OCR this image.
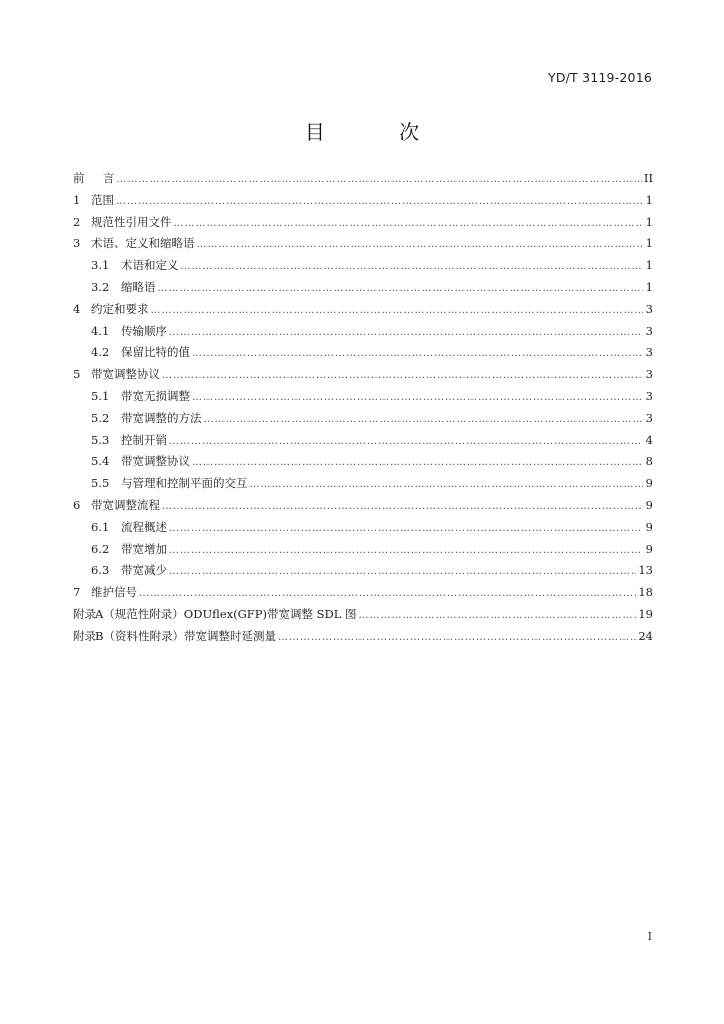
YD/T 3119-2016
目 次
前	言 …………………………………………………………………………………………………………………………………………………………………………………………………………………………………………	II
1 范围 …………………………………………………………………………………………………………………………………………………………………………………………………………………………………………	1
2 规范性引用文件 …………………………………………………………………………………………………………………………………………………………………………………………………………………………………………	1
3 术语、定义和缩略语 …………………………………………………………………………………………………………………………………………………………………………………………………………………………………………	1
3.1	术语和定义 …………………………………………………………………………………………………………………………………………………………………………………………………………………………………………	1
3.2	缩略语 …………………………………………………………………………………………………………………………………………………………………………………………………………………………………………	1
4 约定和要求 …………………………………………………………………………………………………………………………………………………………………………………………………………………………………………	3
4.1	传输顺序 …………………………………………………………………………………………………………………………………………………………………………………………………………………………………………	3
4.2	保留比特的值 …………………………………………………………………………………………………………………………………………………………………………………………………………………………………………	3
5 带宽调整协议 …………………………………………………………………………………………………………………………………………………………………………………………………………………………………………	3
5.1	带宽无损调整 …………………………………………………………………………………………………………………………………………………………………………………………………………………………………………	3
5.2	带宽调整的方法 …………………………………………………………………………………………………………………………………………………………………………………………………………………………………………	3
5.3	控制开销 …………………………………………………………………………………………………………………………………………………………………………………………………………………………………………	4
5.4	带宽调整协议 …………………………………………………………………………………………………………………………………………………………………………………………………………………………………………	8
5.5	与管理和控制平面的交互 …………………………………………………………………………………………………………………………………………………………………………………………………………………………………………	9
6 带宽调整流程 …………………………………………………………………………………………………………………………………………………………………………………………………………………………………………	9
6.1	流程概述 …………………………………………………………………………………………………………………………………………………………………………………………………………………………………………	9
6.2	带宽增加 …………………………………………………………………………………………………………………………………………………………………………………………………………………………………………	9
6.3	带宽减少 …………………………………………………………………………………………………………………………………………………………………………………………………………………………………………	13
7 维护信号 …………………………………………………………………………………………………………………………………………………………………………………………………………………………………………	18
附录 A（规范性附录）ODUflex(GFP)带宽调整 SDL 图 …………………………………………………………………………………………………………………………………………………………………………………………………………………………………………	19
附录 B（资料性附录）带宽调整时延测量 …………………………………………………………………………………………………………………………………………………………………………………………………………………………………………	24
I
